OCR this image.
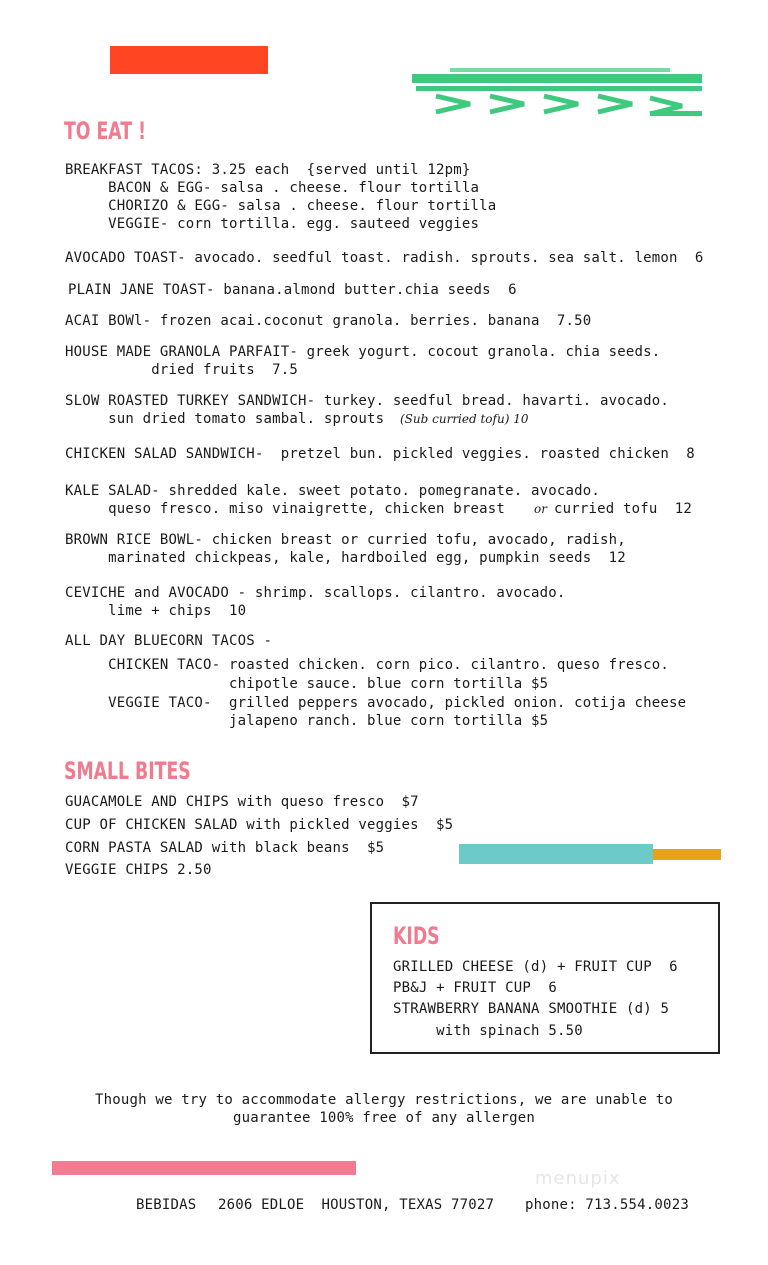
TO EAT !
BREAKFAST TACOS: 3.25 each  {served until 12pm}
BACON & EGG- salsa . cheese. flour tortilla
CHORIZO & EGG- salsa . cheese. flour tortilla
VEGGIE- corn tortilla. egg. sauteed veggies
AVOCADO TOAST- avocado. seedful toast. radish. sprouts. sea salt. lemon  6
PLAIN JANE TOAST- banana.almond butter.chia seeds  6
ACAI BOWl- frozen acai.coconut granola. berries. banana  7.50
HOUSE MADE GRANOLA PARFAIT- greek yogurt. cocout granola. chia seeds.
dried fruits  7.5
SLOW ROASTED TURKEY SANDWICH- turkey. seedful bread. havarti. avocado.
sun dried tomato sambal. sprouts (Sub curried tofu) 10
CHICKEN SALAD SANDWICH-  pretzel bun. pickled veggies. roasted chicken  8
KALE SALAD- shredded kale. sweet potato. pomegranate. avocado.
queso fresco. miso vinaigrette, chicken breast or curried tofu  12
BROWN RICE BOWL- chicken breast or curried tofu, avocado, radish,
marinated chickpeas, kale, hardboiled egg, pumpkin seeds  12
CEVICHE and AVOCADO - shrimp. scallops. cilantro. avocado.
lime + chips  10
ALL DAY BLUECORN TACOS -
CHICKEN TACO- roasted chicken. corn pico. cilantro. queso fresco.
chipotle sauce. blue corn tortilla $5
VEGGIE TACO-  grilled peppers avocado, pickled onion. cotija cheese
jalapeno ranch. blue corn tortilla $5
SMALL BITES
GUACAMOLE AND CHIPS with queso fresco  $7
CUP OF CHICKEN SALAD with pickled veggies  $5
CORN PASTA SALAD with black beans  $5
VEGGIE CHIPS 2.50
KIDS
GRILLED CHEESE (d) + FRUIT CUP  6
PB&J + FRUIT CUP  6
STRAWBERRY BANANA SMOOTHIE (d) 5
with spinach 5.50
Though we try to accommodate allergy restrictions, we are unable to
guarantee 100% free of any allergen
menupix
BEBIDAS 2606 EDLOE  HOUSTON, TEXAS 77027 phone: 713.554.0023
